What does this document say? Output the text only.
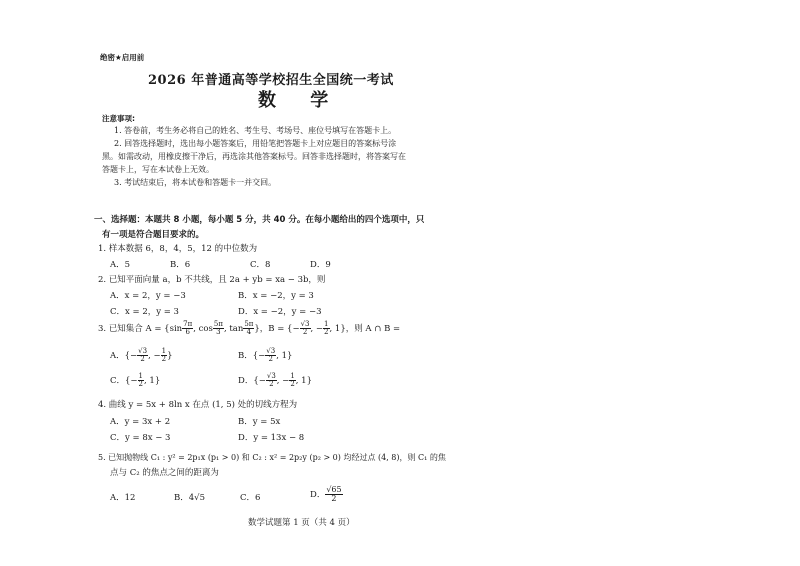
绝密★启用前
2026 年普通高等学校招生全国统一考试
数 学
注意事项:
1. 答卷前，考生务必将自己的姓名、考生号、考场号、座位号填写在答题卡上。
2. 回答选择题时，选出每小题答案后，用铅笔把答题卡上对应题目的答案标号涂
黑。如需改动，用橡皮擦干净后，再选涂其他答案标号。回答非选择题时，将答案写在
答题卡上，写在本试卷上无效。
3. 考试结束后，将本试卷和答题卡一并交回。
一、选择题：本题共 8 小题，每小题 5 分，共 40 分。在每小题给出的四个选项中，只
有一项是符合题目要求的。
1. 样本数据 6，8，4，5，12 的中位数为
A．5	B．6	C．8	D．9
2. 已知平面向量 a，b 不共线，且 2a + yb = xa − 3b，则
A．x = 2，y = −3	B．x = −2，y = 3
C．x = 2，y = 3	D．x = −2，y = −3
3. 已知集合 $A = \{\sin \frac{7\pi}{6}$ , $\cos \frac{5\pi}{3}$ , $\tan \frac{5\pi}{4}$ }，B = {− $\frac{√3}{2}$ , − $\frac{1}{2}$ , 1}，则 A ∩ B =
A．{− $\frac{√3}{2}$ , − $\frac{1}{2}$ }	B．{− $\frac{√3}{2}$ , 1}
C．{− $\frac{1}{2}$ , 1}	D．{− $\frac{√3}{2}$ , − $\frac{1}{2}$ , 1}
4. 曲线 y = 5x + 8ln x 在点 (1, 5) 处的切线方程为
A．y = 3x + 2	B．y = 5x
C．y = 8x − 3	D．y = 13x − 8
5. 已知抛物线 C₁ : y² = 2p₁x (p₁ > 0) 和 C₂ : x² = 2p₂y (p₂ > 0) 均经过点 (4, 8)，则 C₁ 的焦
点与 C₂ 的焦点之间的距离为
A．12	B．4√5	C．6	D． $\frac{√65}{2}$
数学试题第 1 页（共 4 页）
